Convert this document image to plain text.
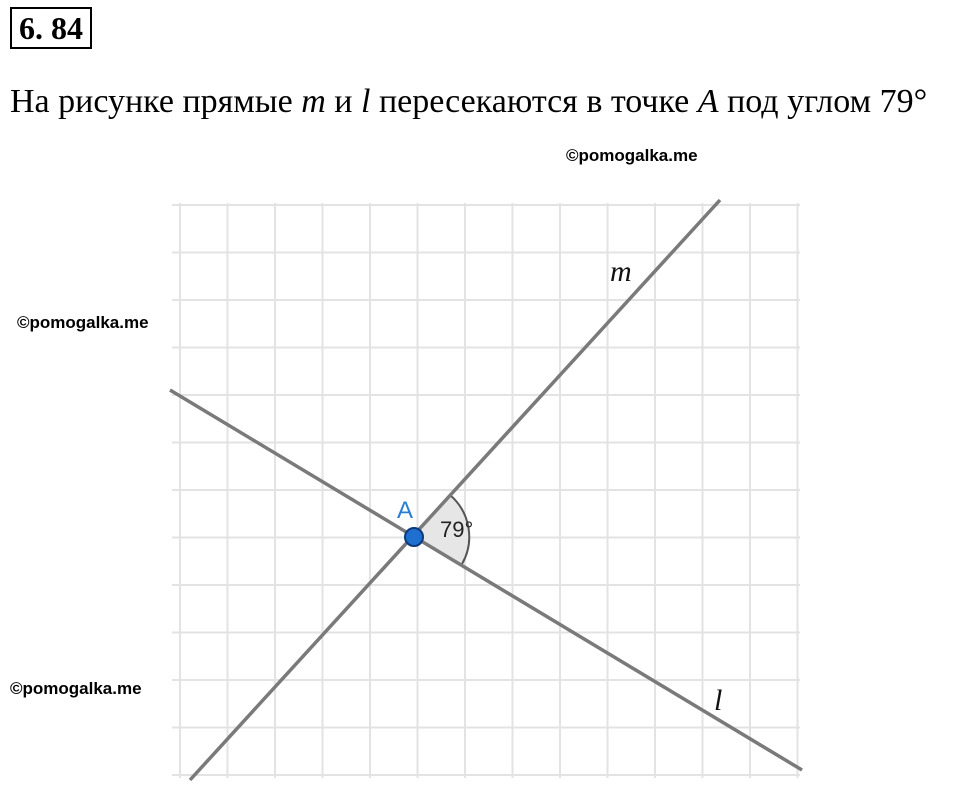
6. 84

На рисунке прямые m и l пересекаются в точке A под углом 79°

©pomogalka.me
©pomogalka.me
©pomogalka.me
A
79°
m
l
